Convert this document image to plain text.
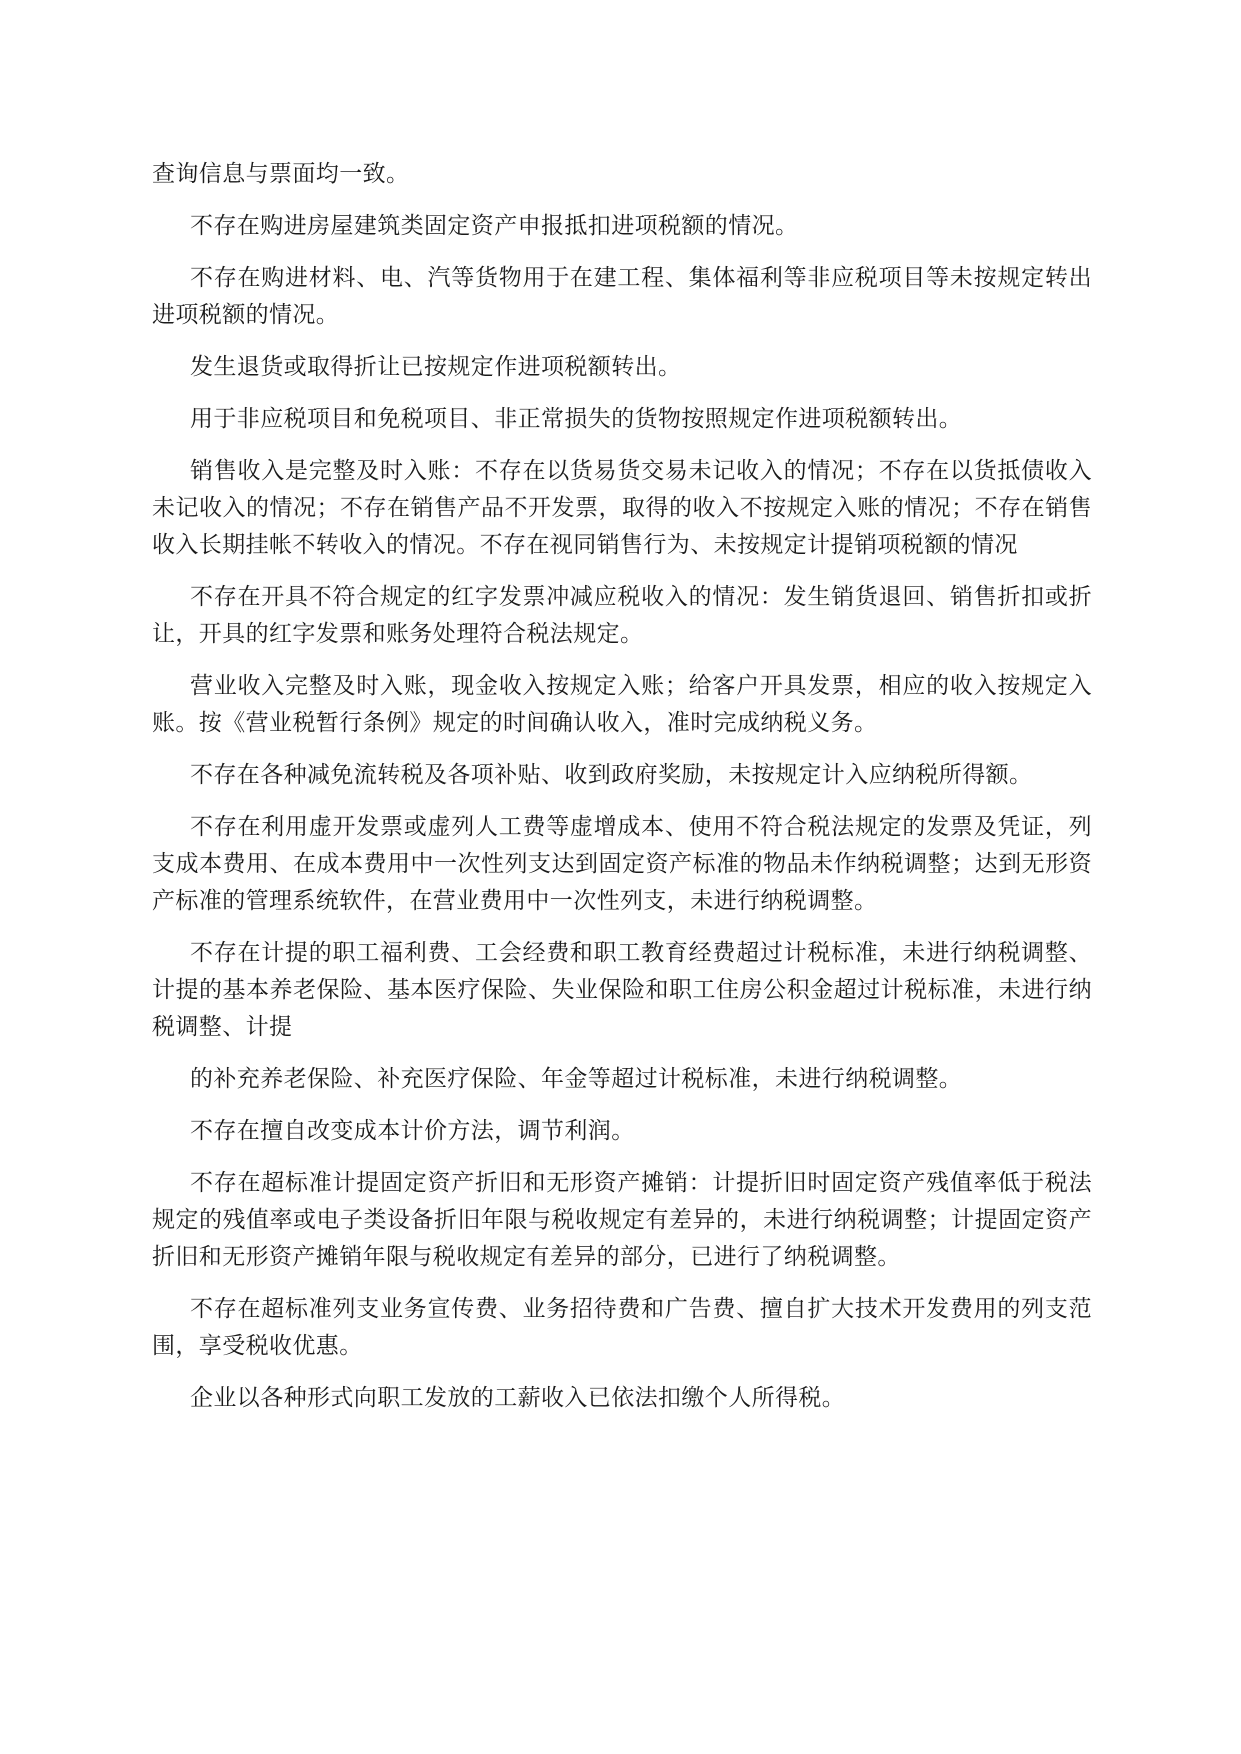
查询信息与票面均一致。

不存在购进房屋建筑类固定资产申报抵扣进项税额的情况。

不存在购进材料、电、汽等货物用于在建工程、集体福利等非应税项目等未按规定转出进项税额的情况。

发生退货或取得折让已按规定作进项税额转出。

用于非应税项目和免税项目、非正常损失的货物按照规定作进项税额转出。

销售收入是完整及时入账：不存在以货易货交易未记收入的情况；不存在以货抵债收入未记收入的情况；不存在销售产品不开发票，取得的收入不按规定入账的情况；不存在销售收入长期挂帐不转收入的情况。不存在视同销售行为、未按规定计提销项税额的情况

不存在开具不符合规定的红字发票冲减应税收入的情况：发生销货退回、销售折扣或折让，开具的红字发票和账务处理符合税法规定。

营业收入完整及时入账，现金收入按规定入账；给客户开具发票，相应的收入按规定入账。按《营业税暂行条例》规定的时间确认收入，准时完成纳税义务。

不存在各种减免流转税及各项补贴、收到政府奖励，未按规定计入应纳税所得额。

不存在利用虚开发票或虚列人工费等虚增成本、使用不符合税法规定的发票及凭证，列支成本费用、在成本费用中一次性列支达到固定资产标准的物品未作纳税调整；达到无形资产标准的管理系统软件，在营业费用中一次性列支，未进行纳税调整。

不存在计提的职工福利费、工会经费和职工教育经费超过计税标准，未进行纳税调整、计提的基本养老保险、基本医疗保险、失业保险和职工住房公积金超过计税标准，未进行纳税调整、计提

的补充养老保险、补充医疗保险、年金等超过计税标准，未进行纳税调整。

不存在擅自改变成本计价方法，调节利润。

不存在超标准计提固定资产折旧和无形资产摊销：计提折旧时固定资产残值率低于税法规定的残值率或电子类设备折旧年限与税收规定有差异的，未进行纳税调整；计提固定资产折旧和无形资产摊销年限与税收规定有差异的部分，已进行了纳税调整。

不存在超标准列支业务宣传费、业务招待费和广告费、擅自扩大技术开发费用的列支范围，享受税收优惠。

企业以各种形式向职工发放的工薪收入已依法扣缴个人所得税。
